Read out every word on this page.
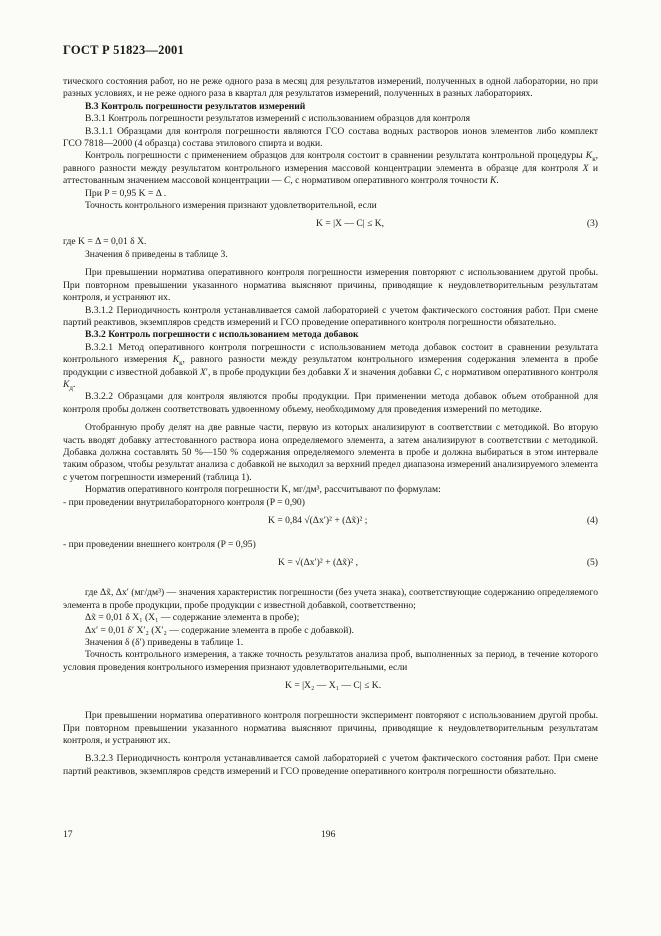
ГОСТ Р 51823—2001

тического состояния работ, но не реже одного раза в месяц для результатов измерений, полученных в одной лаборатории, но при разных условиях, и не реже одного раза в квартал для результатов измерений, полученных в разных лабораториях.

В.3 Контроль погрешности результатов измерений

В.3.1 Контроль погрешности результатов измерений с использованием образцов для контроля

В.3.1.1 Образцами для контроля погрешности являются ГСО состава водных растворов ионов элементов либо комплект ГСО 7818—2000 (4 образца) состава этилового спирта и водки.

Контроль погрешности с применением образцов для контроля состоит в сравнении результата контрольной процедуры $K_к$, равного разности между результатом контрольного измерения массовой концентрации элемента в образце для контроля X и аттестованным значением массовой концентрации — C, с нормативом оперативного контроля точности K.

При P = 0,95 K = Δ .

Точность контрольного измерения признают удовлетворительной, если

K = |X — C| ≤ K,	(3)

где K = Δ = 0,01 δ X.

Значения δ приведены в таблице 3.

При превышении норматива оперативного контроля погрешности измерения повторяют с использованием другой пробы. При повторном превышении указанного норматива выясняют причины, приводящие к неудовлетворительным результатам контроля, и устраняют их.

В.3.1.2 Периодичность контроля устанавливается самой лабораторией с учетом фактического состояния работ. При смене партий реактивов, экземпляров средств измерений и ГСО проведение оперативного контроля погрешности обязательно.

В.3.2 Контроль погрешности с использованием метода добавок

В.3.2.1 Метод оперативного контроля погрешности с использованием метода добавок состоит в сравнении результата контрольного измерения $K_к$, равного разности между результатом контрольного измерения содержания элемента в пробе продукции с известной добавкой X′, в пробе продукции без добавки X и значения добавки C, с нормативом оперативного контроля $K_д$.

В.3.2.2 Образцами для контроля являются пробы продукции. При применении метода добавок объем отобранной для контроля пробы должен соответствовать удвоенному объему, необходимому для проведения измерений по методике.

Отобранную пробу делят на две равные части, первую из которых анализируют в соответствии с методикой. Во вторую часть вводят добавку аттестованного раствора иона определяемого элемента, а затем анализируют в соответствии с методикой. Добавка должна составлять 50 %—150 % содержания определяемого элемента в пробе и должна выбираться в этом интервале таким образом, чтобы результат анализа с добавкой не выходил за верхний предел диапазона измерений анализируемого элемента с учетом погрешности измерений (таблица 1).

Норматив оперативного контроля погрешности K, мг/дм³, рассчитывают по формулам:

- при проведении внутрилабораторного контроля (P = 0,90)

K = 0,84 √(Δx′)² + (Δx̃)² ;	(4)

- при проведении внешнего контроля (P = 0,95)

K = √(Δx′)² + (Δx̃)² ,	(5)

где Δx̃, Δx′ (мг/дм³) — значения характеристик погрешности (без учета знака), соответствующие содержанию определяемого элемента в пробе продукции, пробе продукции с известной добавкой, соответственно;

Δx̃ = 0,01 δ X₁ (X₁ — содержание элемента в пробе);

Δx′ = 0,01 δ′ X′₂ (X′₂ — содержание элемента в пробе с добавкой).

Значения δ (δ′) приведены в таблице 1.

Точность контрольного измерения, а также точность результатов анализа проб, выполненных за период, в течение которого условия проведения контрольного измерения признают удовлетворительными, если

K = |X₂ — X₁ — C| ≤ K.

При превышении норматива оперативного контроля погрешности эксперимент повторяют с использованием другой пробы. При повторном превышении указанного норматива выясняют причины, приводящие к неудовлетворительным результатам контроля, и устраняют их.

В.3.2.3 Периодичность контроля устанавливается самой лабораторией с учетом фактического состояния работ. При смене партий реактивов, экземпляров средств измерений и ГСО проведение оперативного контроля погрешности обязательно.

17	196
